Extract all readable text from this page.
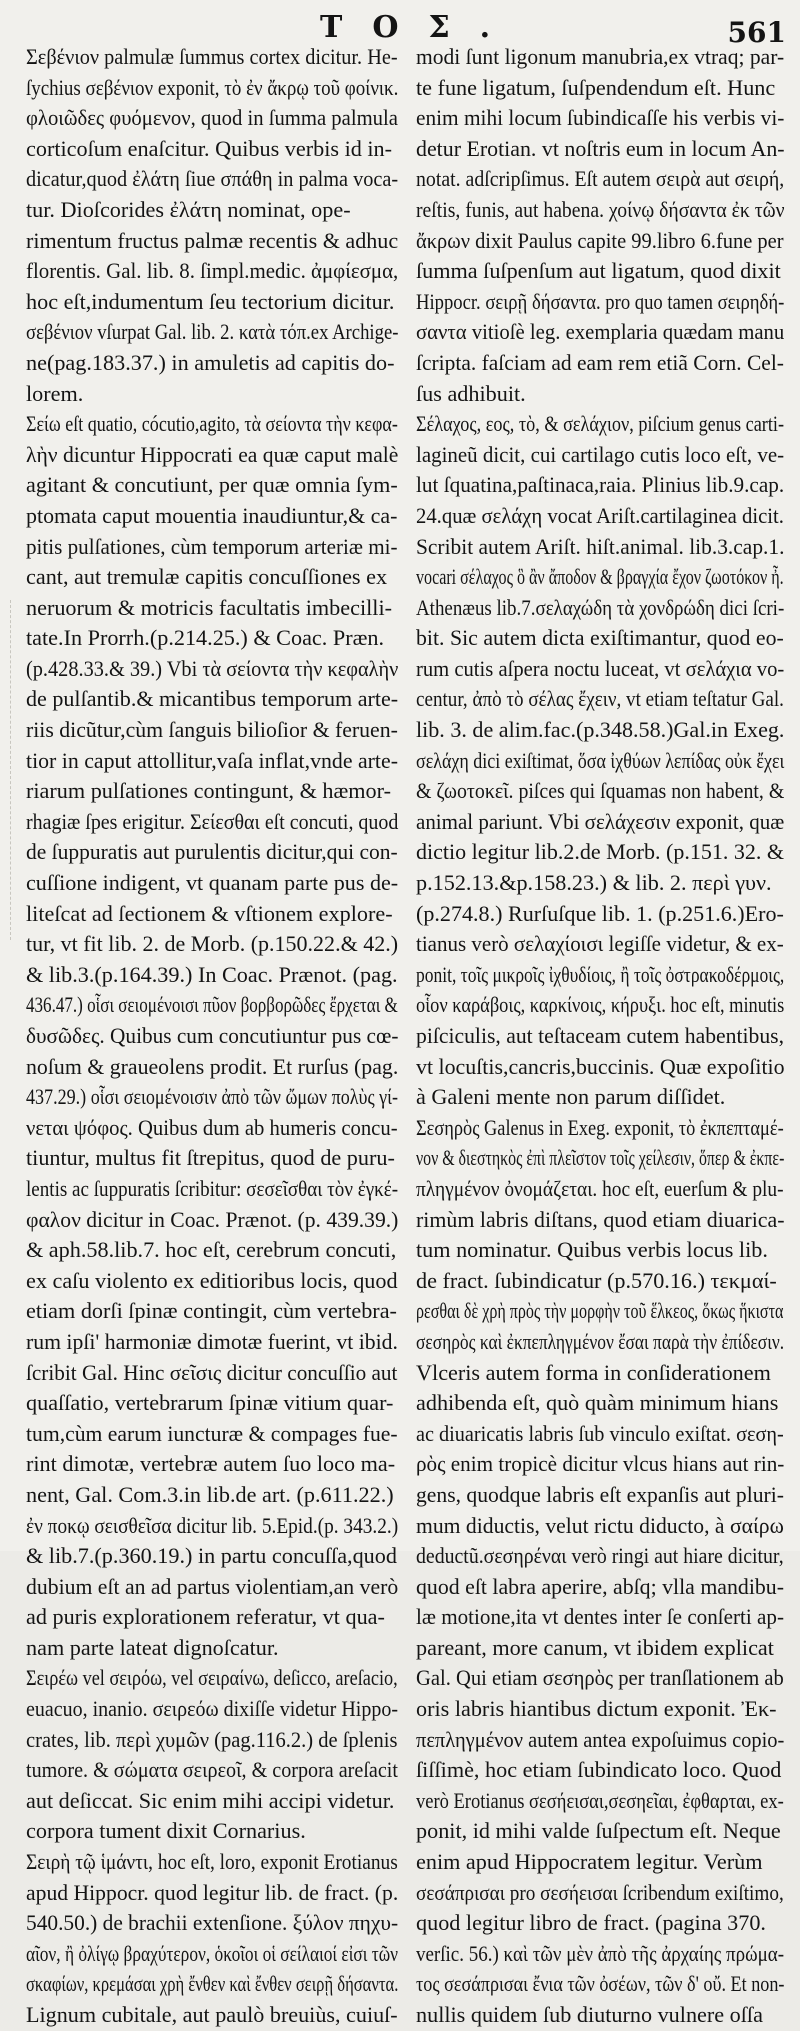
TOΣ.	561
Σεβένιον palmulæ ſummus cortex dicitur. He-
ſychius σεβένιον exponit, τὸ ἐν ἄκρῳ τοῦ φοίνικ.
φλοιῶδες φυόμενον, quod in ſumma palmula
corticoſum enaſcitur. Quibus verbis id in-
dicatur,quod ἐλάτη ſiue σπάθη in palma voca-
tur. Dioſcorides ἐλάτη nominat, ope-
rimentum fructus palmæ recentis & adhuc
florentis. Gal. lib. 8. ſimpl.medic. ἀμφίεσμα,
hoc eſt,indumentum ſeu tectorium dicitur.
σεβένιον vſurpat Gal. lib. 2. κατὰ τόπ.ex Archige-
ne(pag.183.37.) in amuletis ad capitis do-
lorem.
Σείω eſt quatio, cócutio,agito, τὰ σείοντα τὴν κεφα-
λὴν dicuntur Hippocrati ea quæ caput malè
agitant & concutiunt, per quæ omnia ſym-
ptomata caput mouentia inaudiuntur,& ca-
pitis pulſationes, cùm temporum arteriæ mi-
cant, aut tremulæ capitis concuſſiones ex
neruorum & motricis facultatis imbecilli-
tate.In Prorrh.(p.214.25.) & Coac. Præn.
(p.428.33.& 39.) Vbi τὰ σείοντα τὴν κεφαλὴν
de pulſantib.& micantibus temporum arte-
riis dicũtur,cùm ſanguis bilioſior & feruen-
tior in caput attollitur,vaſa inflat,vnde arte-
riarum pulſationes contingunt, & hæmor-
rhagiæ ſpes erigitur. Σείεσθαι eſt concuti, quod
de ſuppuratis aut purulentis dicitur,qui con-
cuſſione indigent, vt quanam parte pus de-
liteſcat ad ſectionem & vſtionem explore-
tur, vt fit lib. 2. de Morb. (p.150.22.& 42.)
& lib.3.(p.164.39.) In Coac. Prænot. (pag.
436.47.) οἷσι σειομένοισι πῦον βορβορῶδες ἔρχεται &
δυσῶδες. Quibus cum concutiuntur pus cœ-
noſum & graueolens prodit. Et rurſus (pag.
437.29.) οἷσι σειομένοισιν ἀπὸ τῶν ὤμων πολὺς γί-
νεται ψόφος. Quibus dum ab humeris concu-
tiuntur, multus fit ſtrepitus, quod de puru-
lentis ac ſuppuratis ſcribitur: σεσεῖσθαι τὸν ἐγκέ-
φαλον dicitur in Coac. Prænot. (p. 439.39.)
& aph.58.lib.7. hoc eſt, cerebrum concuti,
ex caſu violento ex editioribus locis, quod
etiam dorſi ſpinæ contingit, cùm vertebra-
rum ipſi' harmoniæ dimotæ fuerint, vt ibid.
ſcribit Gal. Hinc σεῖσις dicitur concuſſio aut
quaſſatio, vertebrarum ſpinæ vitium quar-
tum,cùm earum iuncturæ & compages fue-
rint dimotæ, vertebræ autem ſuo loco ma-
nent, Gal. Com.3.in lib.de art. (p.611.22.)
ἐν ποκῳ σεισθεῖσα dicitur lib. 5.Epid.(p. 343.2.)
& lib.7.(p.360.19.) in partu concuſſa,quod
dubium eſt an ad partus violentiam,an verò
ad puris explorationem referatur, vt qua-
nam parte lateat dignoſcatur.
Σειρέω vel σειρόω, vel σειραίνω, deſicco, areſacio,
euacuo, inanio. σειρεόω dixiſſe videtur Hippo-
crates, lib. περὶ χυμῶν (pag.116.2.) de ſplenis
tumore. & σώματα σειρεοῖ, & corpora areſacit
aut deſiccat. Sic enim mihi accipi videtur.
corpora tument dixit Cornarius.
Σειρὴ τῷ ἱμάντι, hoc eſt, loro, exponit Erotianus
apud Hippocr. quod legitur lib. de fract. (p.
540.50.) de brachii extenſione. ξύλον πηχυ-
αῖον, ἢ ὀλίγῳ βραχύτερον, ὁκοῖοι οἱ σείλαιοί εἰσι τῶν
σκαφίων, κρεμάσαι χρὴ ἔνθεν καὶ ἔνθεν σειρῇ δήσαντα.
Lignum cubitale, aut paulò breuiùs, cuiuſ-
modi ſunt ligonum manubria,ex vtraq; par-
te fune ligatum, ſuſpendendum eſt. Hunc
enim mihi locum ſubindicaſſe his verbis vi-
detur Erotian. vt noſtris eum in locum An-
notat. adſcripſimus. Eſt autem σειρὰ aut σειρή,
reſtis, funis, aut habena. χοίνῳ δήσαντα ἐκ τῶν
ἄκρων dixit Paulus capite 99.libro 6.fune per
ſumma ſuſpenſum aut ligatum, quod dixit
Hippocr. σειρῇ δήσαντα. pro quo tamen σειρηδή-
σαντα vitioſè leg. exemplaria quædam manu
ſcripta. faſciam ad eam rem etiã Corn. Cel-
ſus adhibuit.
Σέλαχος, εος, τὸ, & σελάχιον, piſcium genus carti-
lagineũ dicit, cui cartilago cutis loco eſt, ve-
lut ſquatina,paſtinaca,raia. Plinius lib.9.cap.
24.quæ σελάχη vocat Ariſt.cartilaginea dicit.
Scribit autem Ariſt. hiſt.animal. lib.3.cap.1.
vocari σέλαχος ὃ ἂν ἄποδον & βραγχία ἔχον ζωοτόκον ἦ.
Athenæus lib.7.σελαχώδη τὰ χονδρώδη dici ſcri-
bit. Sic autem dicta exiſtimantur, quod eo-
rum cutis aſpera noctu luceat, vt σελάχια vo-
centur, ἀπὸ τὸ σέλας ἔχειν, vt etiam teſtatur Gal.
lib. 3. de alim.fac.(p.348.58.)Gal.in Exeg.
σελάχη dici exiſtimat, ὅσα ἰχθύων λεπίδας οὐκ ἔχει
& ζωοτοκεῖ. piſces qui ſquamas non habent, &
animal pariunt. Vbi σελάχεσιν exponit, quæ
dictio legitur lib.2.de Morb. (p.151. 32. &
p.152.13.&p.158.23.) & lib. 2. περὶ γυν.
(p.274.8.) Rurſuſque lib. 1. (p.251.6.)Ero-
tianus verò σελαχίοισι legiſſe videtur, & ex-
ponit, τοῖς μικροῖς ἰχθυδίοις, ἢ τοῖς ὀστρακοδέρμοις,
οἷον καράβοις, καρκίνοις, κήρυξι. hoc eſt, minutis
piſciculis, aut teſtaceam cutem habentibus,
vt locuſtis,cancris,buccinis. Quæ expoſitio
à Galeni mente non parum diſſidet.
Σεσηρὸς Galenus in Exeg. exponit, τὸ ἐκπεπταμέ-
νον & διεστηκὸς ἐπὶ πλεῖστον τοῖς χείλεσιν, ὅπερ & ἐκπε-
πληγμένον ὀνομάζεται. hoc eſt, euerſum & plu-
rimùm labris diſtans, quod etiam diuarica-
tum nominatur. Quibus verbis locus lib.
de fract. ſubindicatur (p.570.16.) τεκμαί-
ρεσθαι δὲ χρὴ πρὸς τὴν μορφὴν τοῦ ἕλκεος, ὅκως ἥκιστα
σεσηρὸς καὶ ἐκπεπληγμένον ἔσαι παρὰ τὴν ἐπίδεσιν.
Vlceris autem forma in conſiderationem
adhibenda eſt, quò quàm minimum hians
ac diuaricatis labris ſub vinculo exiſtat. σεση-
ρὸς enim tropicè dicitur vlcus hians aut rin-
gens, quodque labris eſt expanſis aut pluri-
mum diductis, velut rictu diducto, à σαίρω
deductũ.σεσηρέναι verò ringi aut hiare dicitur,
quod eſt labra aperire, abſq; vlla mandibu-
læ motione,ita vt dentes inter ſe conſerti ap-
pareant, more canum, vt ibidem explicat
Gal. Qui etiam σεσηρὸς per tranſlationem ab
oris labris hiantibus dictum exponit. Ἐκ-
πεπληγμένον autem antea expoſuimus copio-
ſiſſimè, hoc etiam ſubindicato loco. Quod
verò Erotianus σεσήεισαι,σεσηεῖαι, ἐφθαρται, ex-
ponit, id mihi valde ſuſpectum eſt. Neque
enim apud Hippocratem legitur. Verùm
σεσάπρισαι pro σεσήεισαι ſcribendum exiſtimo,
quod legitur libro de fract. (pagina 370.
verſic. 56.) καὶ τῶν μὲν ἀπὸ τῆς ἀρχαίης πρώμα-
τος σεσάπρισαι ἔνια τῶν ὀσέων, τῶν δ' οὔ. Et non-
nullis quidem ſub diuturno vulnere oſſa
